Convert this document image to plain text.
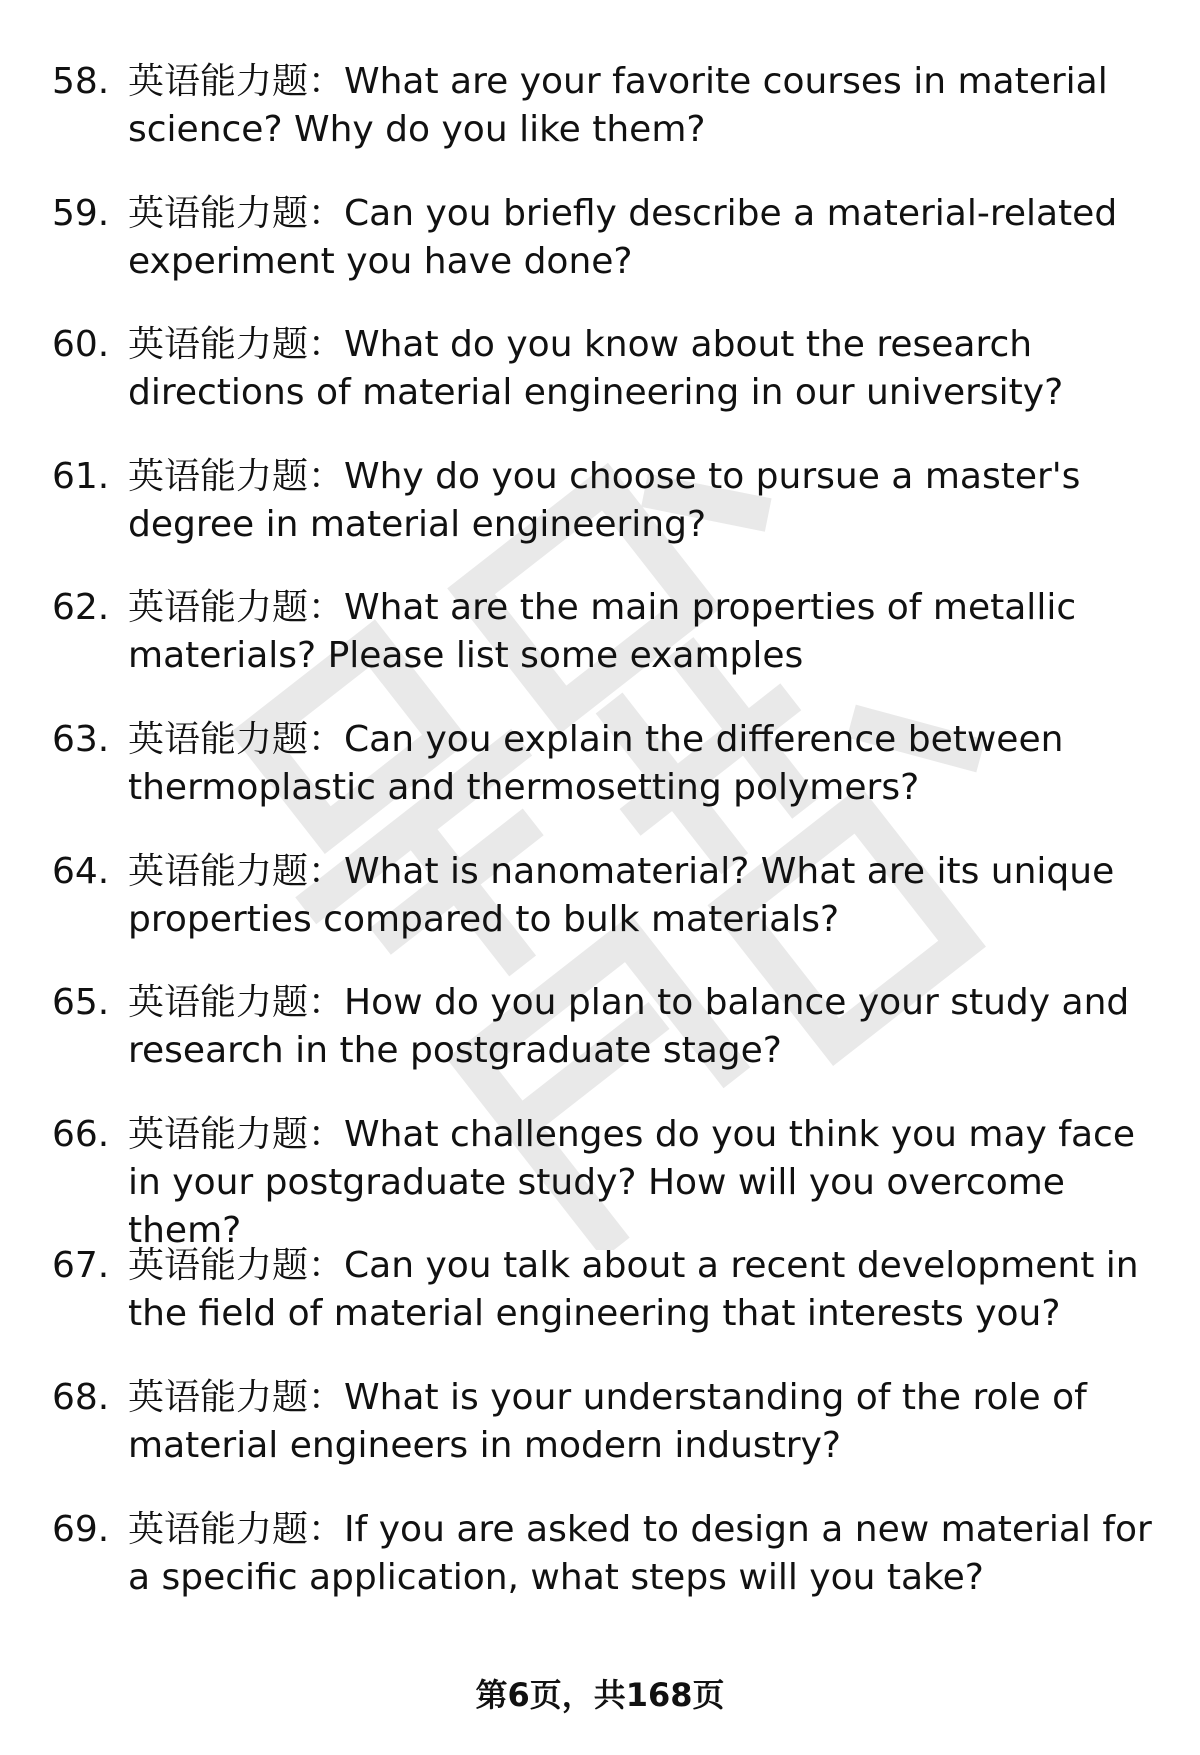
58. 英语能力题：What are your favorite courses in material science? Why do you like them?
59. 英语能力题：Can you briefly describe a material-related experiment you have done?
60. 英语能力题：What do you know about the research directions of material engineering in our university?
61. 英语能力题：Why do you choose to pursue a master's degree in material engineering?
62. 英语能力题：What are the main properties of metallic materials? Please list some examples
63. 英语能力题：Can you explain the difference between thermoplastic and thermosetting polymers?
64. 英语能力题：What is nanomaterial? What are its unique properties compared to bulk materials?
65. 英语能力题：How do you plan to balance your study and research in the postgraduate stage?
66. 英语能力题：What challenges do you think you may face in your postgraduate study? How will you overcome them?
67. 英语能力题：Can you talk about a recent development in the field of material engineering that interests you?
68. 英语能力题：What is your understanding of the role of material engineers in modern industry?
69. 英语能力题：If you are asked to design a new material for a specific application, what steps will you take?
第6页，共168页
